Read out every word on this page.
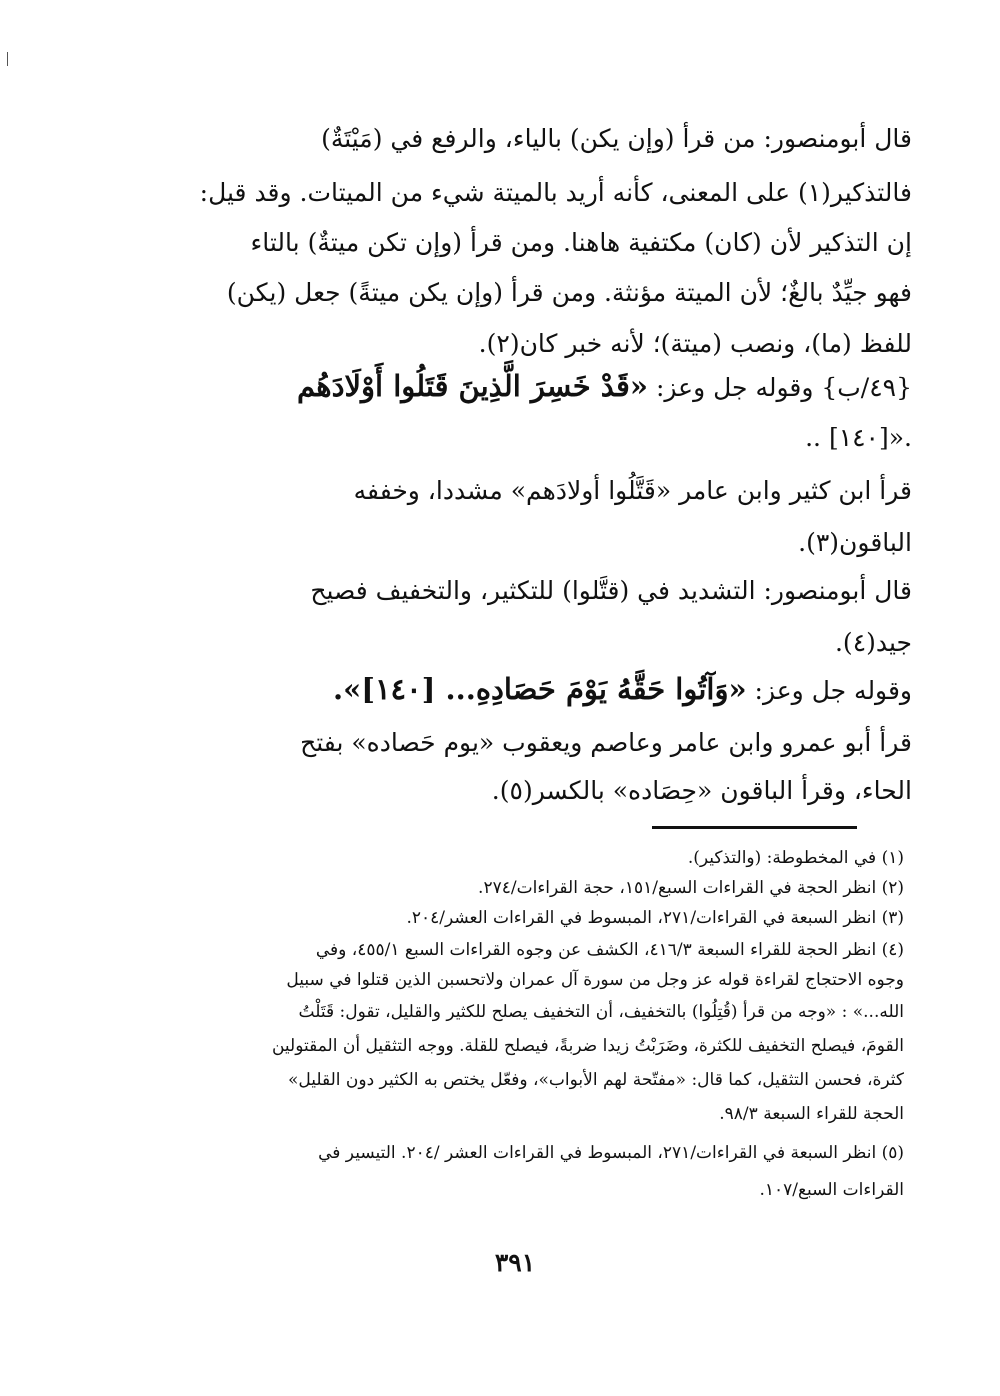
قال أبومنصور: من قرأ (وإن يكن) بالياء، والرفع في (مَيْتَةٌ)
فالتذكير(١) على المعنى، كأنه أريد بالميتة شيء من الميتات. وقد قيل:
إن التذكير لأن (كان) مكتفية هاهنا. ومن قرأ (وإن تكن ميتةٌ) بالتاء
فهو جيِّدٌ بالغٌ؛ لأن الميتة مؤنثة. ومن قرأ (وإن يكن ميتةً) جعل (يكن)
للفظ (ما)، ونصب (ميتة)؛ لأنه خبر كان(٢).
{٤٩/ب} وقوله جل وعز: «قَدْ خَسِرَ الَّذِينَ قَتَلُوا أَوْلَادَهُم
.. [١٤٠]».
قرأ ابن كثير وابن عامر «قَتَّلُوا أولادَهم» مشددا، وخففه
الباقون(٣).
قال أبومنصور: التشديد في (قتَّلوا) للتكثير، والتخفيف فصيح
جيد(٤).
وقوله جل وعز: «وَآتُوا حَقَّهُ يَوْمَ حَصَادِهِ... [١٤٠]».
قرأ أبو عمرو وابن عامر وعاصم ويعقوب «يوم حَصاده» بفتح
الحاء، وقرأ الباقون «حِصَاده» بالكسر(٥).
(١) في المخطوطة: (والتذكير).
(٢) انظر الحجة في القراءات السبع/١٥١، حجة القراءات/٢٧٤.
(٣) انظر السبعة في القراءات/٢٧١، المبسوط في القراءات العشر/٢٠٤.
(٤) انظر الحجة للقراء السبعة ٤١٦/٣، الكشف عن وجوه القراءات السبع ٤٥٥/١، وفي
وجوه الاحتجاج لقراءة قوله عز وجل من سورة آل عمران ولاتحسبن الذين قتلوا في سبيل
الله...» : «وجه من قرأ (قُتِلُوا) بالتخفيف، أن التخفيف يصلح للكثير والقليل، تقول: قَتَلْتُ
القومَ، فيصلح التخفيف للكثرة، وضَرَبْتُ زيدا ضربةً، فيصلح للقلة. ووجه التثقيل أن المقتولين
كثرة، فحسن التثقيل، كما قال: «مفتّحة لهم الأبواب»، وفعّل يختص به الكثير دون القليل»
الحجة للقراء السبعة ٩٨/٣.
(٥) انظر السبعة في القراءات/٢٧١، المبسوط في القراءات العشر /٢٠٤. التيسير في
القراءات السبع/١٠٧.
٣٩١
